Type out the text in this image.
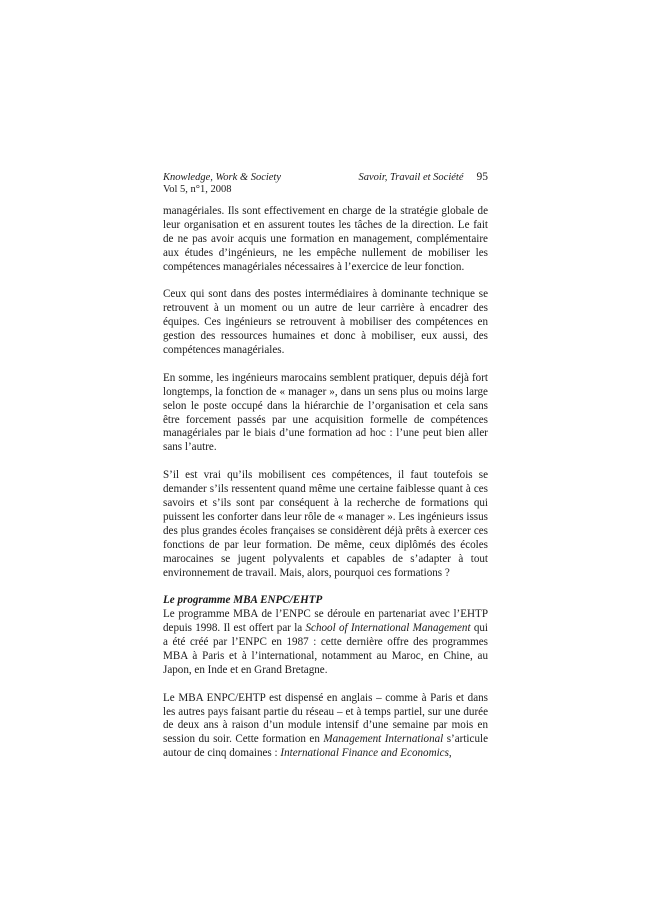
Knowledge, Work & Society	Savoir, Travail et Société 95
Vol 5, n°1, 2008

managériales. Ils sont effectivement en charge de la stratégie globale de leur organisation et en assurent toutes les tâches de la direction. Le fait de ne pas avoir acquis une formation en management, complémentaire aux études d’ingénieurs, ne les empêche nullement de mobiliser les compétences managériales nécessaires à l’exercice de leur fonction.

Ceux qui sont dans des postes intermédiaires à dominante technique se retrouvent à un moment ou un autre de leur carrière à encadrer des équipes. Ces ingénieurs se retrouvent à mobiliser des compétences en gestion des ressources humaines et donc à mobiliser, eux aussi, des compétences managériales.

En somme, les ingénieurs marocains semblent pratiquer, depuis déjà fort longtemps, la fonction de « manager », dans un sens plus ou moins large selon le poste occupé dans la hiérarchie de l’organisation et cela sans être forcement passés par une acquisition formelle de compétences managériales par le biais d’une formation ad hoc : l’une peut bien aller sans l’autre.

S’il est vrai qu’ils mobilisent ces compétences, il faut toutefois se demander s’ils ressentent quand même une certaine faiblesse quant à ces savoirs et s’ils sont par conséquent à la recherche de formations qui puissent les conforter dans leur rôle de « manager ». Les ingénieurs issus des plus grandes écoles françaises se considèrent déjà prêts à exercer ces fonctions de par leur formation. De même, ceux diplômés des écoles marocaines se jugent polyvalents et capables de s’adapter à tout environnement de travail. Mais, alors, pourquoi ces formations ?

Le programme MBA ENPC/EHTP

Le programme MBA de l’ENPC se déroule en partenariat avec l’EHTP depuis 1998. Il est offert par la School of International Management qui a été créé par l’ENPC en 1987 : cette dernière offre des programmes MBA à Paris et à l’international, notamment au Maroc, en Chine, au Japon, en Inde et en Grand Bretagne.

Le MBA ENPC/EHTP est dispensé en anglais – comme à Paris et dans les autres pays faisant partie du réseau – et à temps partiel, sur une durée de deux ans à raison d’un module intensif d’une semaine par mois en session du soir. Cette formation en Management International s’articule autour de cinq domaines : International Finance and Economics,
